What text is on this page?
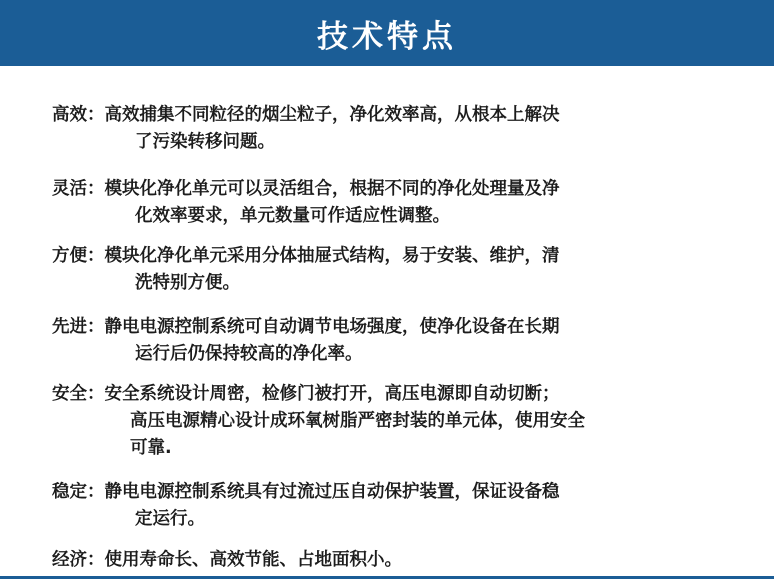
技术特点
高效：高效捕集不同粒径的烟尘粒子，净化效率高，从根本上解决
了污染转移问题。
灵活：模块化净化单元可以灵活组合，根据不同的净化处理量及净
化效率要求，单元数量可作适应性调整。
方便：模块化净化单元采用分体抽屉式结构，易于安装、维护，清
洗特别方便。
先进：静电电源控制系统可自动调节电场强度，使净化设备在长期
运行后仍保持较高的净化率。
安全：安全系统设计周密，检修门被打开，高压电源即自动切断；
高压电源精心设计成环氧树脂严密封装的单元体，使用安全
可靠.
稳定：静电电源控制系统具有过流过压自动保护装置，保证设备稳
定运行。
经济：使用寿命长、高效节能、占地面积小。
